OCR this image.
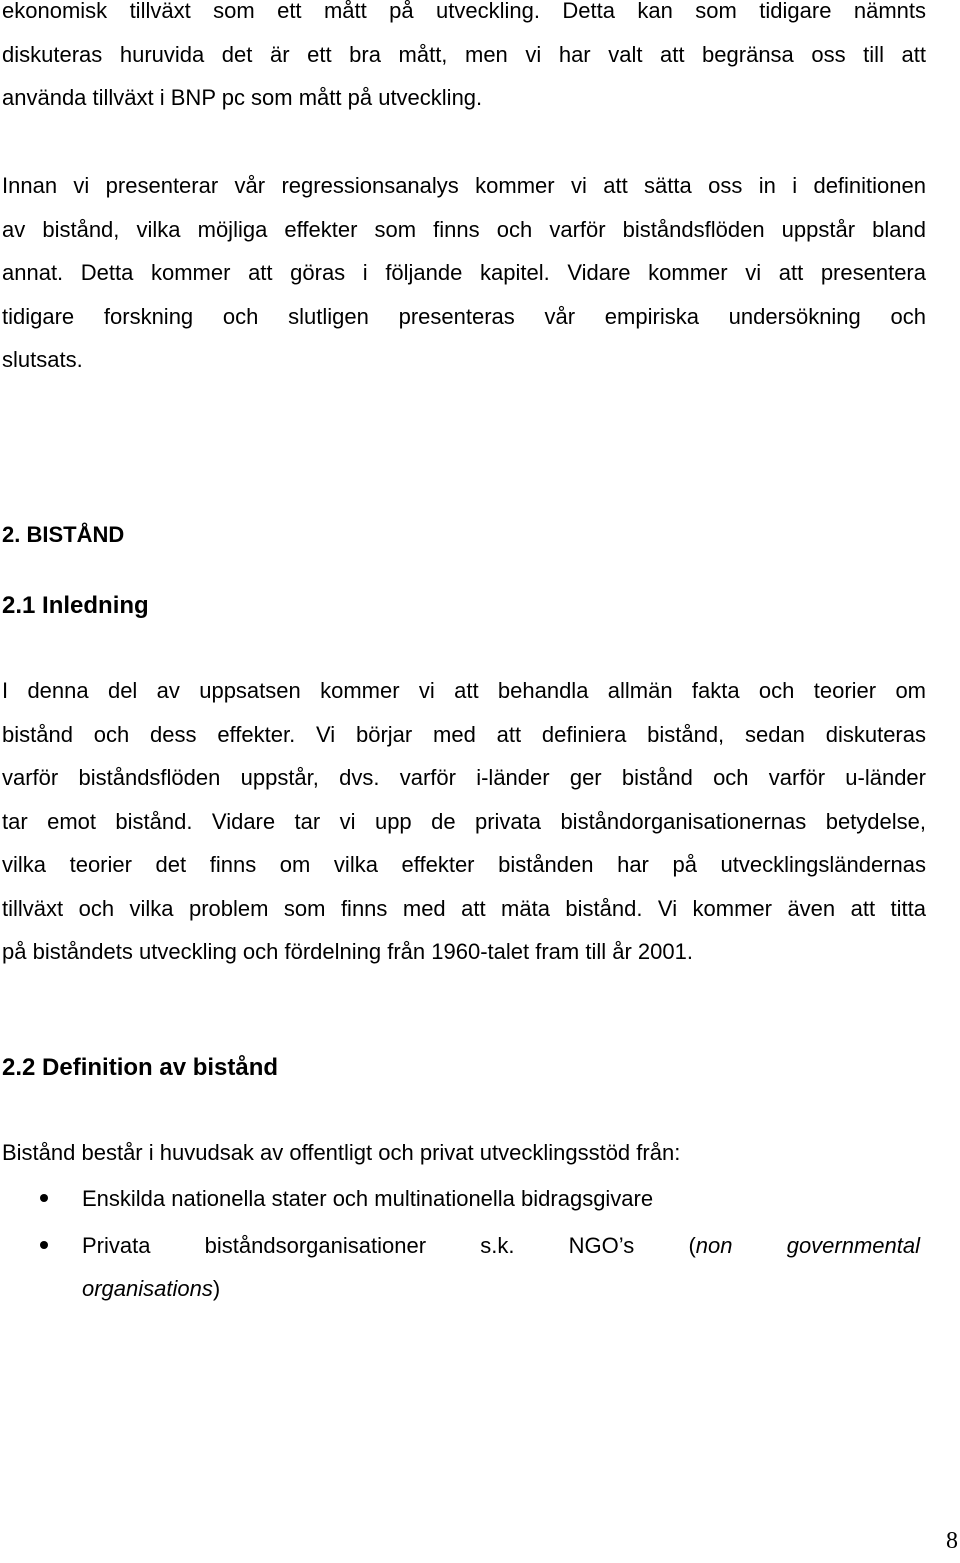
ekonomisk tillväxt som ett mått på utveckling. Detta kan som tidigare nämnts
diskuteras huruvida det är ett bra mått, men vi har valt att begränsa oss till att
använda tillväxt i BNP pc som mått på utveckling.

Innan vi presenterar vår regressionsanalys kommer vi att sätta oss in i definitionen
av bistånd, vilka möjliga effekter som finns och varför biståndsflöden uppstår bland
annat. Detta kommer att göras i följande kapitel. Vidare kommer vi att presentera
tidigare forskning och slutligen presenteras vår empiriska undersökning och
slutsats.

2. BISTÅND
2.1 Inledning

I denna del av uppsatsen kommer vi att behandla allmän fakta och teorier om
bistånd och dess effekter. Vi börjar med att definiera bistånd, sedan diskuteras
varför biståndsflöden uppstår, dvs. varför i-länder ger bistånd och varför u-länder
tar emot bistånd. Vidare tar vi upp de privata biståndorganisationernas betydelse,
vilka teorier det finns om vilka effekter bistånden har på utvecklingsländernas
tillväxt och vilka problem som finns med att mäta bistånd. Vi kommer även att titta
på biståndets utveckling och fördelning från 1960-talet fram till år 2001.

2.2 Definition av bistånd

Bistånd består i huvudsak av offentligt och privat utvecklingsstöd från:

Enskilda nationella stater och multinationella bidragsgivare
Privata biståndsorganisationer s.k. NGO’s (non governmental
organisations)
8
